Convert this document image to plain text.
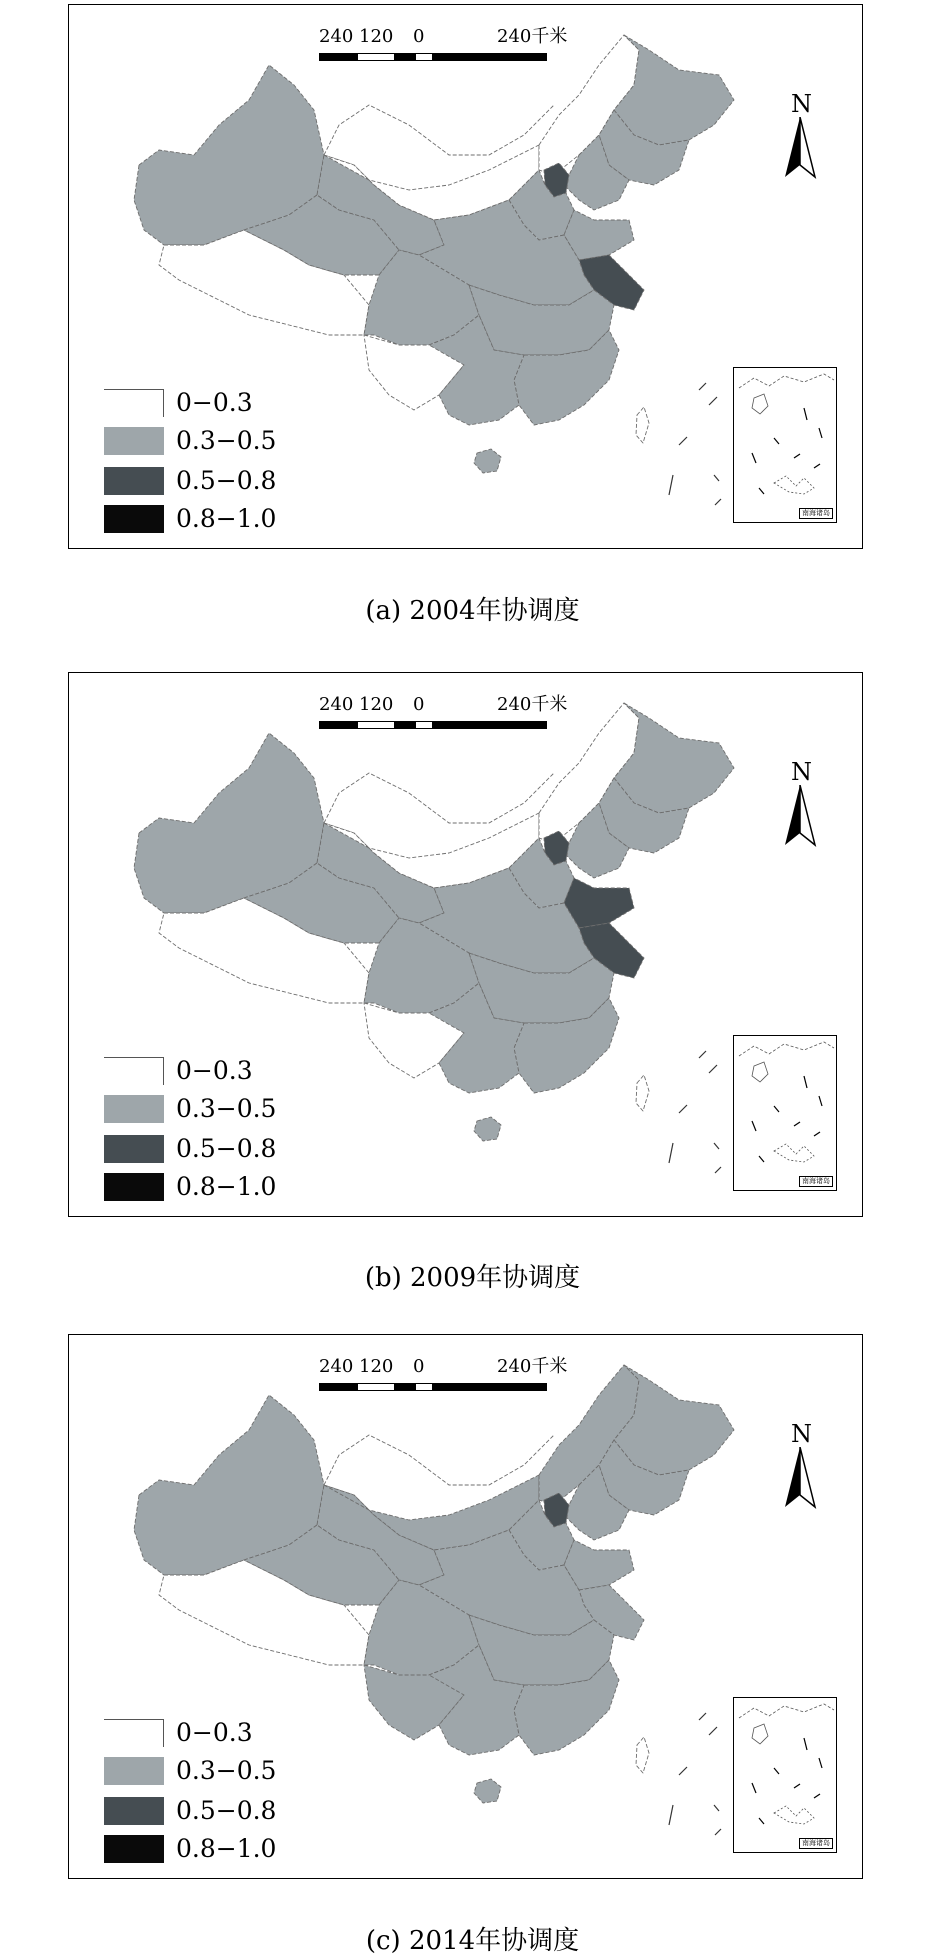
240 120 0	240千米
N
0−0.3
0.3−0.5
0.5−0.8
0.8−1.0	南海诸岛
(a) 2004年协调度
240 120 0	240千米
N
0−0.3
0.3−0.5
0.5−0.8
0.8−1.0	南海诸岛
(b) 2009年协调度
240 120 0	240千米
N
0−0.3
0.3−0.5
0.5−0.8
0.8−1.0	南海诸岛
(c) 2014年协调度
